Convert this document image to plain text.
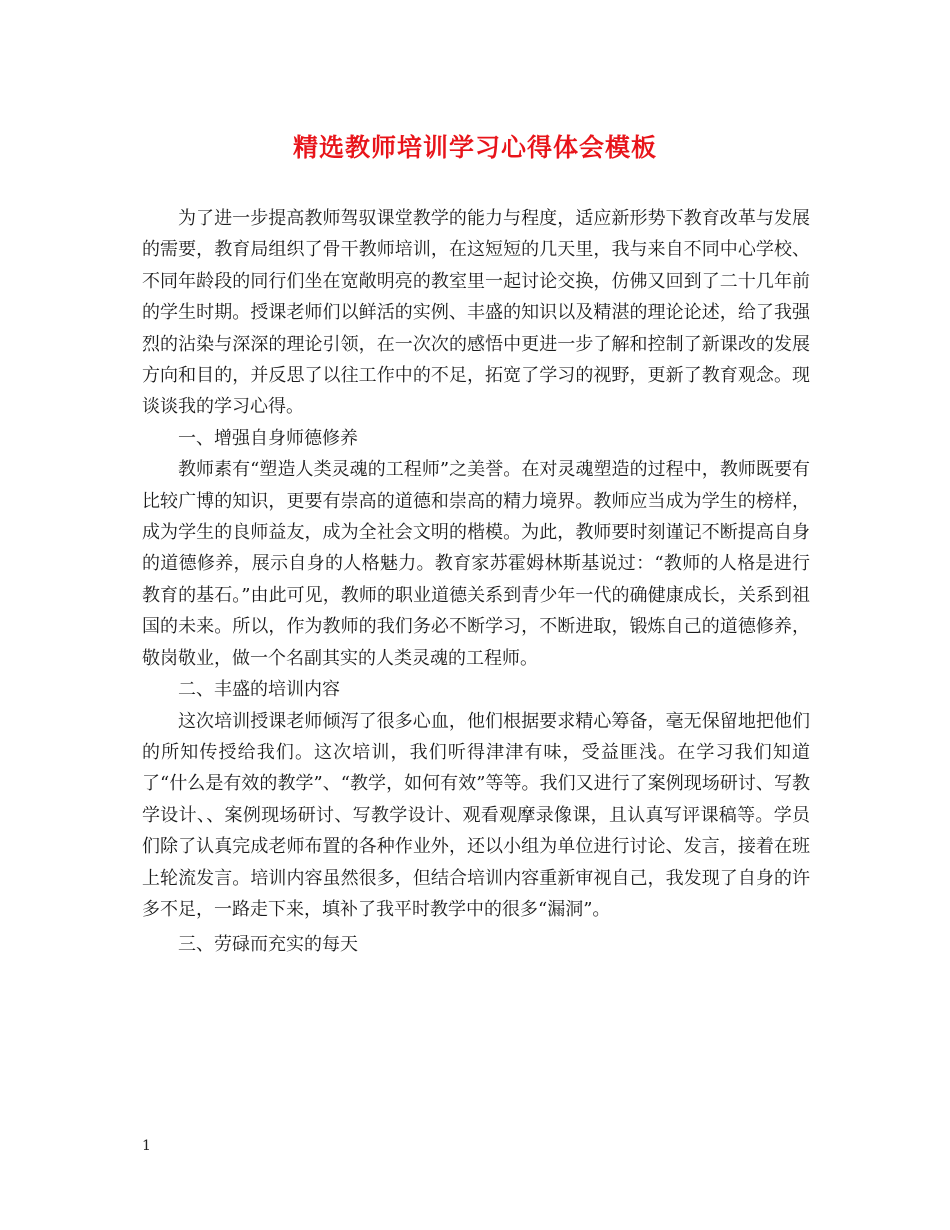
精选教师培训学习心得体会模板

为了进一步提高教师驾驭课堂教学的能力与程度，适应新形势下教育改革与发展的需要，教育局组织了骨干教师培训，在这短短的几天里，我与来自不同中心学校、不同年龄段的同行们坐在宽敞明亮的教室里一起讨论交换，仿佛又回到了二十几年前的学生时期。授课老师们以鲜活的实例、丰盛的知识以及精湛的理论论述，给了我强烈的沾染与深深的理论引领，在一次次的感悟中更进一步了解和控制了新课改的发展方向和目的，并反思了以往工作中的不足，拓宽了学习的视野，更新了教育观念。现谈谈我的学习心得。

一、增强自身师德修养

教师素有“塑造人类灵魂的工程师”之美誉。在对灵魂塑造的过程中，教师既要有比较广博的知识，更要有崇高的道德和崇高的精力境界。教师应当成为学生的榜样，成为学生的良师益友，成为全社会文明的楷模。为此，教师要时刻谨记不断提高自身的道德修养，展示自身的人格魅力。教育家苏霍姆林斯基说过：“教师的人格是进行教育的基石。”由此可见，教师的职业道德关系到青少年一代的确健康成长，关系到祖国的未来。所以，作为教师的我们务必不断学习，不断进取，锻炼自己的道德修养，敬岗敬业，做一个名副其实的人类灵魂的工程师。

二、丰盛的培训内容

这次培训授课老师倾泻了很多心血，他们根据要求精心筹备，毫无保留地把他们的所知传授给我们。这次培训，我们听得津津有味，受益匪浅。在学习我们知道了“什么是有效的教学”、“教学，如何有效”等等。我们又进行了案例现场研讨、写教学设计、、案例现场研讨、写教学设计、观看观摩录像课，且认真写评课稿等。学员们除了认真完成老师布置的各种作业外，还以小组为单位进行讨论、发言，接着在班上轮流发言。培训内容虽然很多，但结合培训内容重新审视自己，我发现了自身的许多不足，一路走下来，填补了我平时教学中的很多“漏洞”。

三、劳碌而充实的每天

1
